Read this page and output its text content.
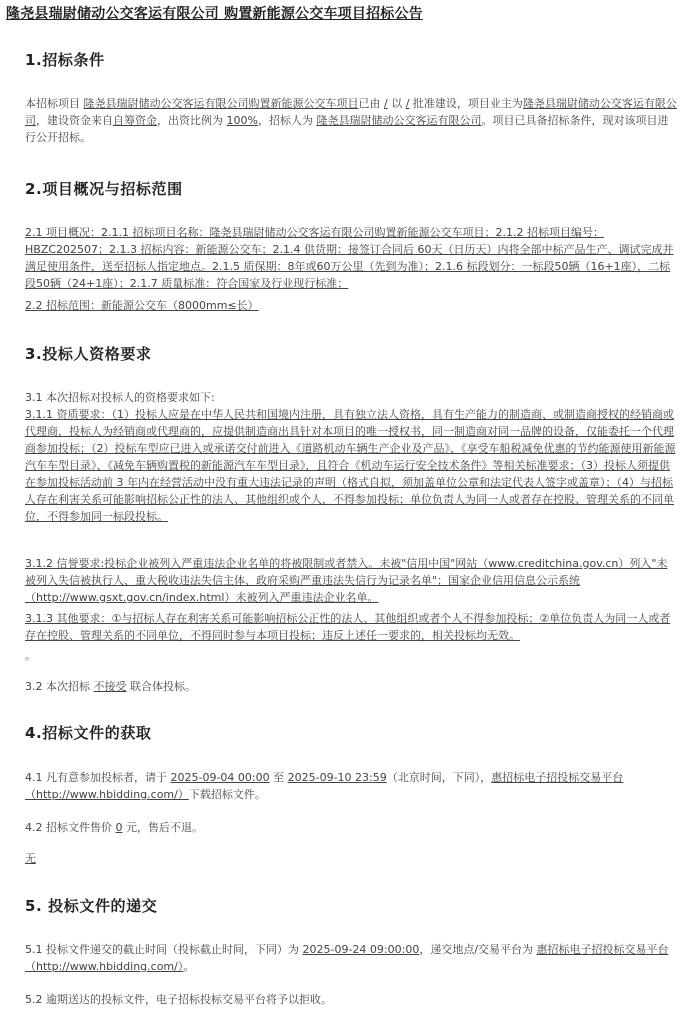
隆尧县瑞尉储动公交客运有限公司 购置新能源公交车项目招标公告
1.招标条件

本招标项目 隆尧县瑞尉储动公交客运有限公司购置新能源公交车项目已由 / 以 / 批准建设，项目业主为隆尧县瑞尉储动公交客运有限公司，建设资金来自自筹资金，出资比例为 100%，招标人为 隆尧县瑞尉储动公交客运有限公司。项目已具备招标条件，现对该项目进行公开招标。

2.项目概况与招标范围

2.1 项目概况：2.1.1 招标项目名称：隆尧县瑞尉储动公交客运有限公司购置新能源公交车项目；2.1.2 招标项目编号：HBZC202507；2.1.3 招标内容：新能源公交车；2.1.4 供货期：接签订合同后 60天（日历天）内将全部中标产品生产、调试完成并满足使用条件，送至招标人指定地点。2.1.5 质保期：8年或60万公里（先到为准）；2.1.6 标段划分：一标段50辆（16+1座），二标段50辆（24+1座）；2.1.7 质量标准：符合国家及行业现行标准；

2.2 招标范围：新能源公交车（8000mm≤长）

3.投标人资格要求

3.1 本次招标对投标人的资格要求如下:

3.1.1 资质要求：（1）投标人应是在中华人民共和国境内注册，具有独立法人资格，具有生产能力的制造商、或制造商授权的经销商或代理商，投标人为经销商或代理商的，应提供制造商出具针对本项目的唯一授权书，同一制造商对同一品牌的设备，仅能委托一个代理商参加投标；（2）投标车型应已进入或承诺交付前进入《道路机动车辆生产企业及产品》、《享受车船税减免优惠的节约能源使用新能源汽车车型目录》、《减免车辆购置税的新能源汽车车型目录》，且符合《机动车运行安全技术条件》等相关标准要求；（3）投标人须提供在参加投标活动前 3 年内在经营活动中没有重大违法记录的声明（格式自拟，须加盖单位公章和法定代表人签字或盖章）；（4）与招标人存在利害关系可能影响招标公正性的法人、其他组织或个人，不得参加投标；单位负责人为同一人或者存在控股、管理关系的不同单位，不得参加同一标段投标。

3.1.2 信誉要求:投标企业被列入严重违法企业名单的将被限制或者禁入。未被"信用中国"网站（www.creditchina.gov.cn）列入"未被列入失信被执行人、重大税收违法失信主体、政府采购严重违法失信行为记录名单"；国家企业信用信息公示系统（http://www.gsxt.gov.cn/index.html）未被列入严重违法企业名单。

3.1.3 其他要求：①与招标人存在利害关系可能影响招标公正性的法人、其他组织或者个人不得参加投标；②单位负责人为同一人或者存在控股、管理关系的不同单位，不得同时参与本项目投标；违反上述任一要求的，相关投标均无效。

。

3.2 本次招标 不接受 联合体投标。

4.招标文件的获取

4.1 凡有意参加投标者，请于 2025-09-04 00:00 至 2025-09-10 23:59（北京时间，下同），惠招标电子招投标交易平台（http://www.hbidding.com/）下载招标文件。

4.2 招标文件售价 0 元，售后不退。

无

5. 投标文件的递交

5.1 投标文件递交的截止时间（投标截止时间，下同）为 2025-09-24 09:00:00，递交地点/交易平台为 惠招标电子招投标交易平台（http://www.hbidding.com/）。

5.2 逾期送达的投标文件，电子招标投标交易平台将予以拒收。
